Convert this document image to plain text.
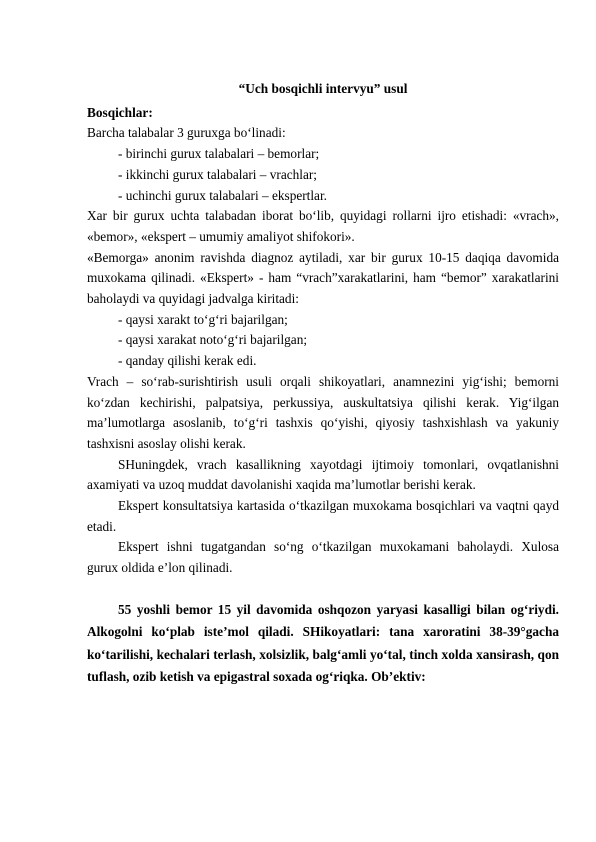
“Uch bosqichli intervyu” usul

Bosqichlar:

Barcha talabalar 3 guruxga bo‘linadi:

- birinchi gurux talabalari – bemorlar;

- ikkinchi gurux talabalari – vrachlar;

- uchinchi gurux talabalari – ekspertlar.

Xar bir gurux uchta talabadan iborat bo‘lib, quyidagi rollarni ijro etishadi: «vrach», «bemor», «ekspert – umumiy amaliyot shifokori».

«Bemorga» anonim ravishda diagnoz aytiladi, xar bir gurux 10-15 daqiqa davomida muxokama qilinadi. «Ekspert» - ham “vrach”xarakatlarini, ham “bemor” xarakatlarini baholaydi va quyidagi jadvalga kiritadi:

- qaysi xarakt to‘g‘ri bajarilgan;

- qaysi xarakat noto‘g‘ri bajarilgan;

- qanday qilishi kerak edi.

Vrach – so‘rab-surishtirish usuli orqali shikoyatlari, anamnezini yig‘ishi; bemorni ko‘zdan kechirishi, palpatsiya, perkussiya, auskultatsiya qilishi kerak. Yig‘ilgan ma’lumotlarga asoslanib, to‘g‘ri tashxis qo‘yishi, qiyosiy tashxishlash va yakuniy tashxisni asoslay olishi kerak.

SHuningdek, vrach kasallikning xayotdagi ijtimoiy tomonlari, ovqatlanishni axamiyati va uzoq muddat davolanishi xaqida ma’lumotlar berishi kerak.

Ekspert konsultatsiya kartasida o‘tkazilgan muxokama bosqichlari va vaqtni qayd etadi.

Ekspert ishni tugatgandan so‘ng o‘tkazilgan muxokamani baholaydi. Xulosa gurux oldida e’lon qilinadi.

55 yoshli bemor 15 yil davomida oshqozon yaryasi kasalligi bilan og‘riydi. Alkogolni ko‘plab iste’mol qiladi. SHikoyatlari: tana xaroratini 38-39°gacha ko‘tarilishi, kechalari terlash, xolsizlik, balg‘amli yo‘tal, tinch xolda xansirash, qon tuflash, ozib ketish va epigastral soxada og‘riqka. Ob’ektiv:
